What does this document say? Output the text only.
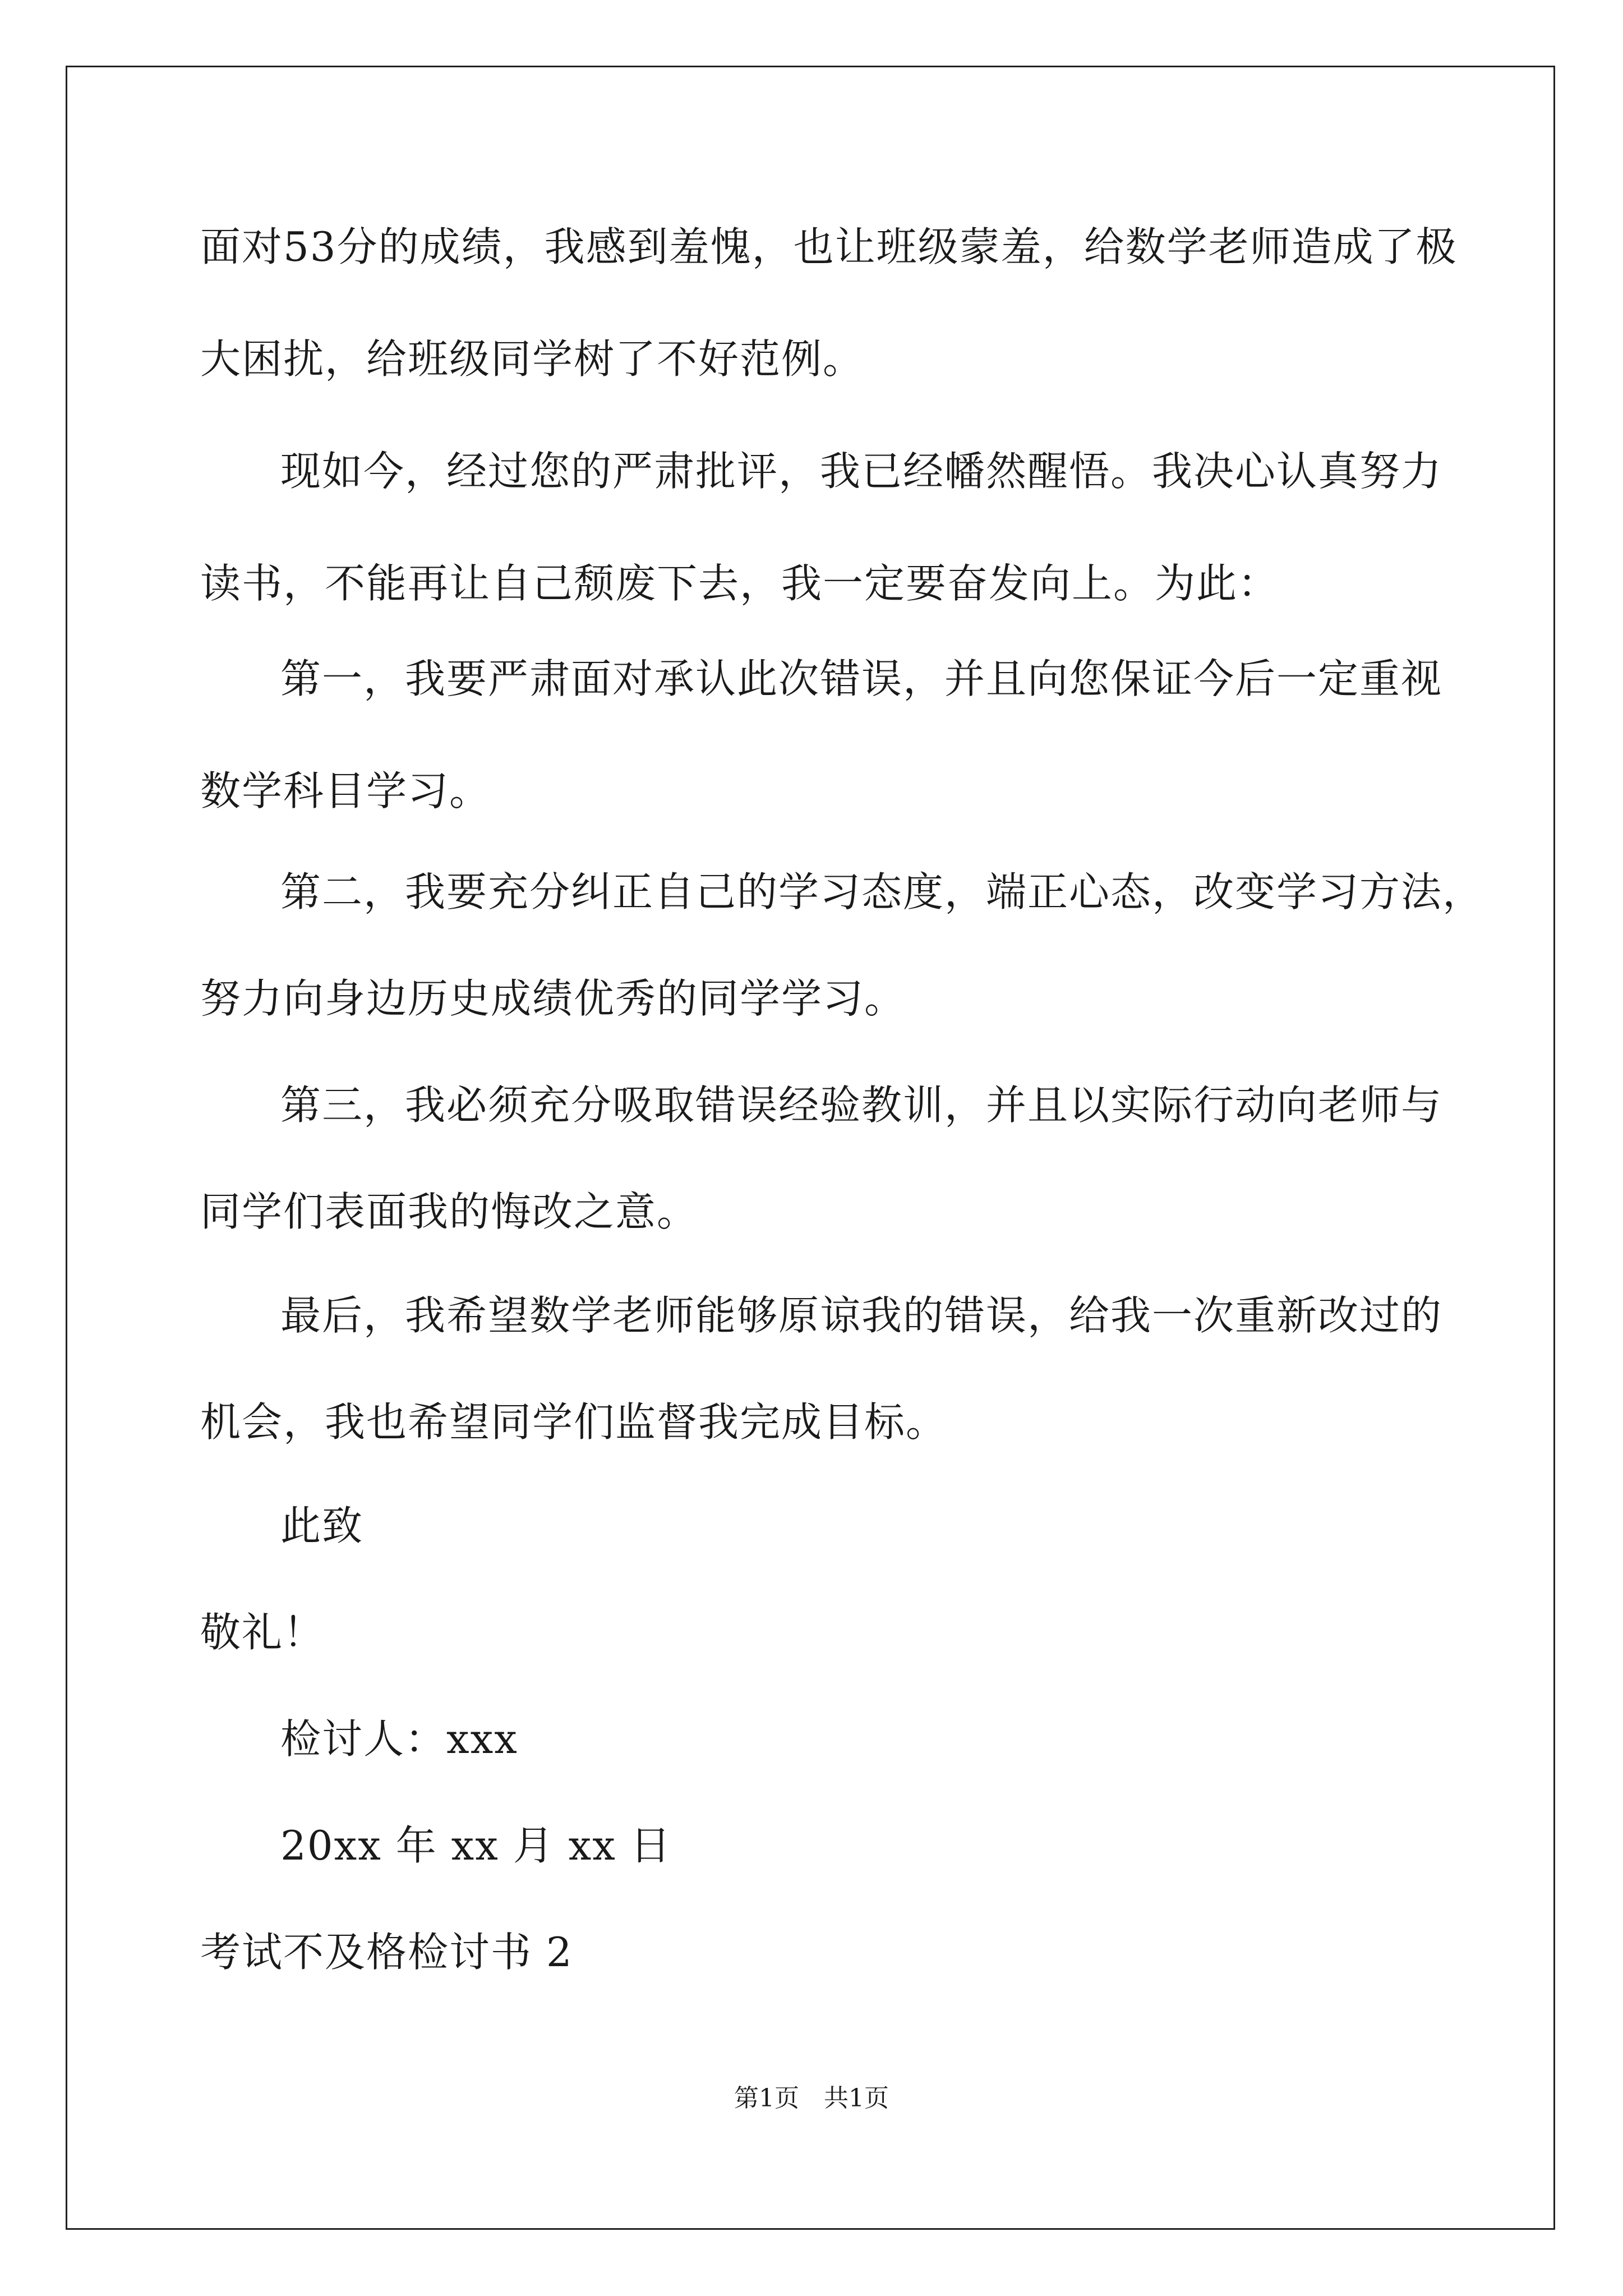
面对53分的成绩，我感到羞愧，也让班级蒙羞，给数学老师造成了极
大困扰，给班级同学树了不好范例。
现如今，经过您的严肃批评，我已经幡然醒悟。我决心认真努力
读书，不能再让自己颓废下去，我一定要奋发向上。为此：
第一，我要严肃面对承认此次错误，并且向您保证今后一定重视
数学科目学习。
第二，我要充分纠正自己的学习态度，端正心态，改变学习方法，
努力向身边历史成绩优秀的同学学习。
第三，我必须充分吸取错误经验教训，并且以实际行动向老师与
同学们表面我的悔改之意。
最后，我希望数学老师能够原谅我的错误，给我一次重新改过的
机会，我也希望同学们监督我完成目标。
此致
敬礼！
检讨人：xxx
20xx 年 xx 月 xx 日
考试不及格检讨书 2
第1页　共1页
